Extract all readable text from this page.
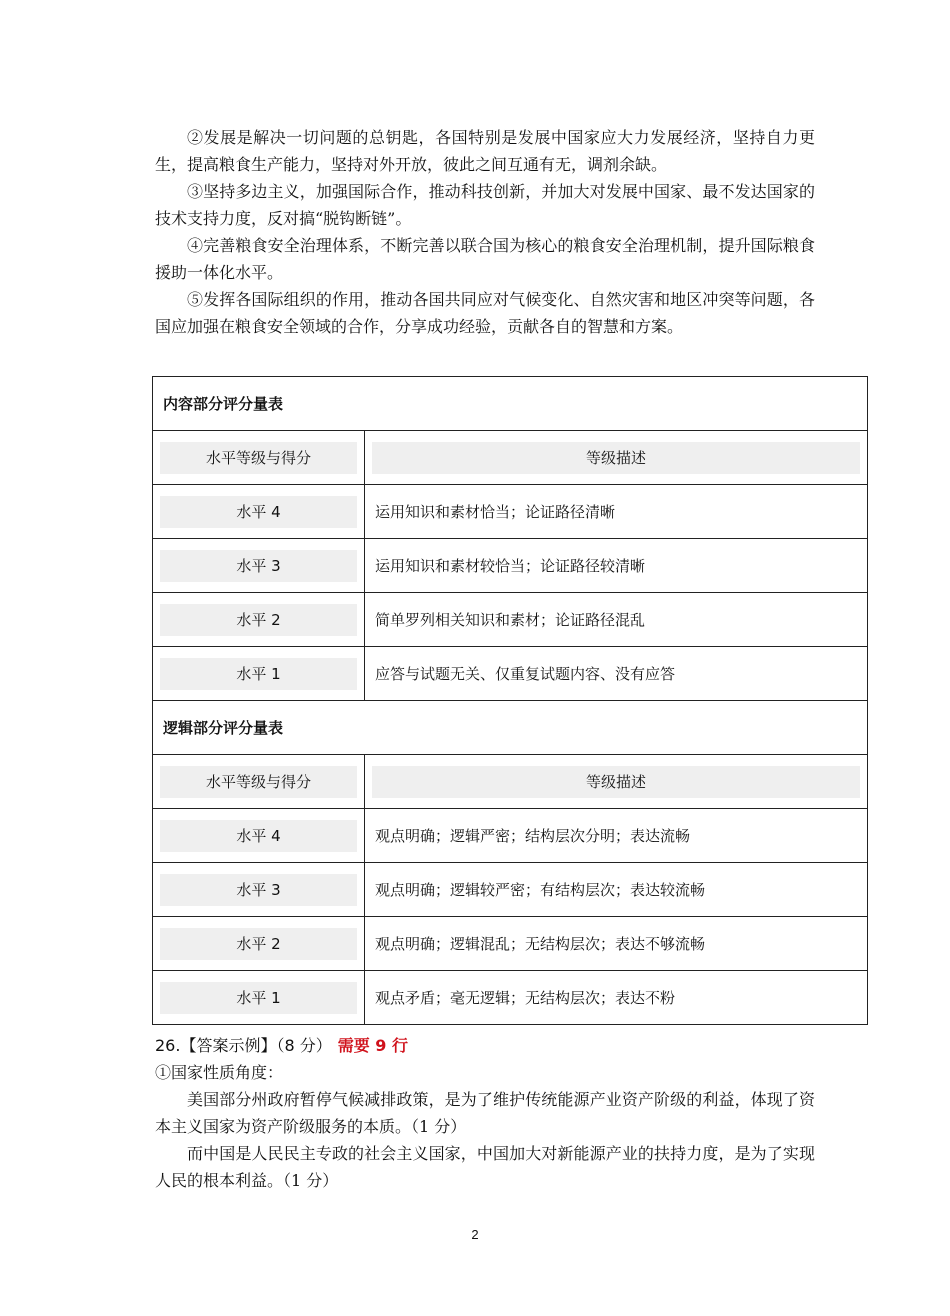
②发展是解决一切问题的总钥匙，各国特别是发展中国家应大力发展经济，坚持自力更生，提高粮食生产能力，坚持对外开放，彼此之间互通有无，调剂余缺。

③坚持多边主义，加强国际合作，推动科技创新，并加大对发展中国家、最不发达国家的技术支持力度，反对搞“脱钩断链”。

④完善粮食安全治理体系，不断完善以联合国为核心的粮食安全治理机制，提升国际粮食援助一体化水平。

⑤发挥各国际组织的作用，推动各国共同应对气候变化、自然灾害和地区冲突等问题，各国应加强在粮食安全领域的合作，分享成功经验，贡献各自的智慧和方案。

内容部分评分量表	

水平等级与得分	等级描述

水平 4	运用知识和素材恰当；论证路径清晰

水平 3	运用知识和素材较恰当；论证路径较清晰

水平 2	简单罗列相关知识和素材；论证路径混乱

水平 1	应答与试题无关、仅重复试题内容、没有应答

逻辑部分评分量表	

水平等级与得分	等级描述

水平 4	观点明确；逻辑严密；结构层次分明；表达流畅

水平 3	观点明确；逻辑较严密；有结构层次；表达较流畅

水平 2	观点明确；逻辑混乱；无结构层次；表达不够流畅

水平 1	观点矛盾；毫无逻辑；无结构层次；表达不粉
26.【答案示例】（8 分） 需要 9 行

①国家性质角度：

美国部分州政府暂停气候减排政策，是为了维护传统能源产业资产阶级的利益，体现了资本主义国家为资产阶级服务的本质。（1 分）

而中国是人民民主专政的社会主义国家，中国加大对新能源产业的扶持力度，是为了实现人民的根本利益。（1 分）

2
